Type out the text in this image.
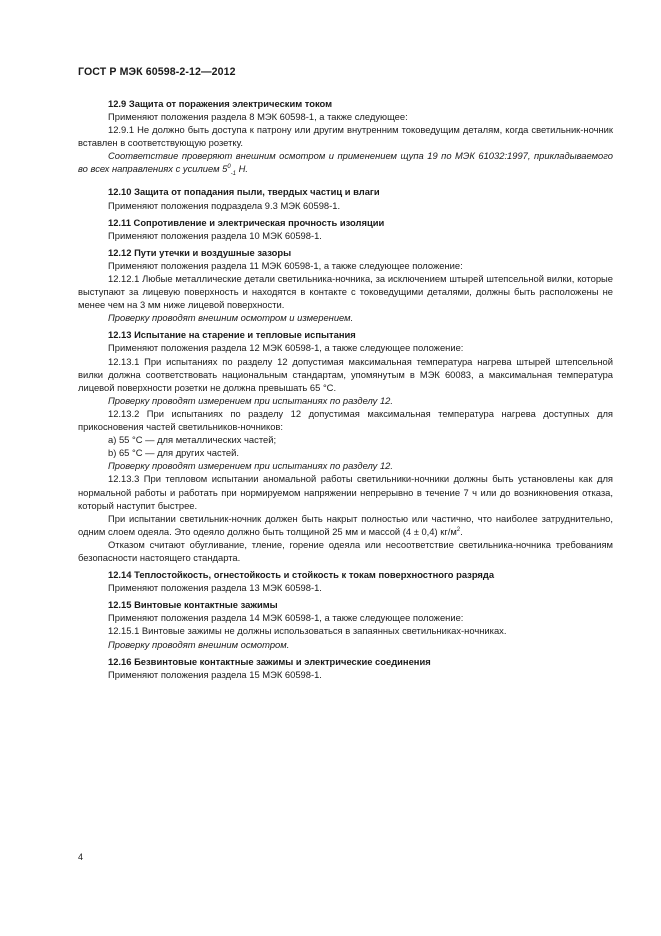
ГОСТ Р МЭК 60598-2-12—2012

12.9 Защита от поражения электрическим током

Применяют положения раздела 8 МЭК 60598-1, а также следующее:

12.9.1 Не должно быть доступа к патрону или другим внутренним токоведущим деталям, когда светильник-ночник вставлен в соответствующую розетку.

Соответствие проверяют внешним осмотром и применением щупа 19 по МЭК 61032:1997, прикладываемого во всех направлениях с усилием $5^0_{-1}$ Н.

12.10 Защита от попадания пыли, твердых частиц и влаги

Применяют положения подраздела 9.3 МЭК 60598-1.

12.11 Сопротивление и электрическая прочность изоляции

Применяют положения раздела 10 МЭК 60598-1.

12.12 Пути утечки и воздушные зазоры

Применяют положения раздела 11 МЭК 60598-1, а также следующее положение:

12.12.1 Любые металлические детали светильника-ночника, за исключением штырей штепсельной вилки, которые выступают за лицевую поверхность и находятся в контакте с токоведущими деталями, должны быть расположены не менее чем на 3 мм ниже лицевой поверхности.

Проверку проводят внешним осмотром и измерением.

12.13 Испытание на старение и тепловые испытания

Применяют положения раздела 12 МЭК 60598-1, а также следующее положение:

12.13.1 При испытаниях по разделу 12 допустимая максимальная температура нагрева штырей штепсельной вилки должна соответствовать национальным стандартам, упомянутым в МЭК 60083, а максимальная температура лицевой поверхности розетки не должна превышать 65 °С.

Проверку проводят измерением при испытаниях по разделу 12.

12.13.2 При испытаниях по разделу 12 допустимая максимальная температура нагрева доступных для прикосновения частей светильников-ночников:

a) 55 °С — для металлических частей;

b) 65 °С — для других частей.

Проверку проводят измерением при испытаниях по разделу 12.

12.13.3 При тепловом испытании аномальной работы светильники-ночники должны быть установлены как для нормальной работы и работать при нормируемом напряжении непрерывно в течение 7 ч или до возникновения отказа, который наступит быстрее.

При испытании светильник-ночник должен быть накрыт полностью или частично, что наиболее затруднительно, одним слоем одеяла. Это одеяло должно быть толщиной 25 мм и массой (4 ± 0,4) $кг/м^2$.

Отказом считают обугливание, тление, горение одеяла или несоответствие светильника-ночника требованиям безопасности настоящего стандарта.

12.14 Теплостойкость, огнестойкость и стойкость к токам поверхностного разряда

Применяют положения раздела 13 МЭК 60598-1.

12.15 Винтовые контактные зажимы

Применяют положения раздела 14 МЭК 60598-1, а также следующее положение:

12.15.1 Винтовые зажимы не должны использоваться в запаянных светильниках-ночниках.

Проверку проводят внешним осмотром.

12.16 Безвинтовые контактные зажимы и электрические соединения

Применяют положения раздела 15 МЭК 60598-1.

4
